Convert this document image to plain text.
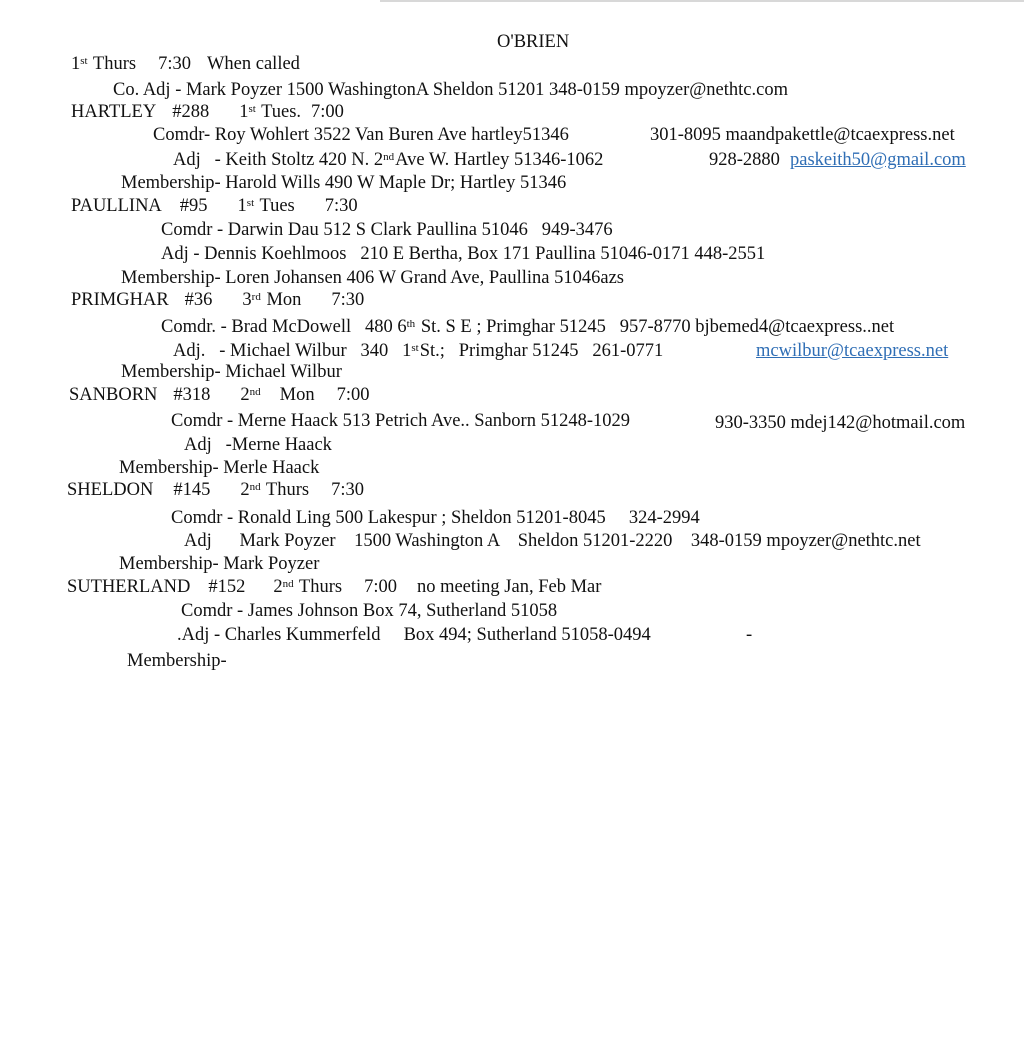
O'BRIEN
1st Thurs 7:30 When called
Co. Adj - Mark Poyzer 1500 WashingtonA Sheldon 51201 348-0159 mpoyzer@nethtc.com
HARTLEY #288 1st Tues. 7:00
Comdr- Roy Wohlert 3522 Van Buren Ave hartley51346	301-8095 maandpakettle@tcaexpress.net
Adj   - Keith Stoltz 420 N. 2ndAve W. Hartley 51346-1062	928-2880 paskeith50@gmail.com
Membership- Harold Wills 490 W Maple Dr; Hartley 51346
PAULLINA #95 1st Tues 7:30
Comdr - Darwin Dau 512 S Clark Paullina 51046   949-3476
Adj - Dennis Koehlmoos   210 E Bertha, Box 171 Paullina 51046-0171 448-2551
Membership- Loren Johansen 406 W Grand Ave, Paullina 51046azs
PRIMGHAR #36 3rd Mon 7:30
Comdr. - Brad McDowell   480 6th St. S E ; Primghar 51245   957-8770 bjbemed4@tcaexpress..net
Adj.   - Michael Wilbur   340   1stSt.;   Primghar 51245   261-0771	mcwilbur@tcaexpress.net
Membership- Michael Wilbur
SANBORN #318 2nd Mon 7:00
Comdr - Merne Haack 513 Petrich Ave.. Sanborn 51248-1029	930-3350 mdej142@hotmail.com
Adj   -Merne Haack
Membership- Merle Haack
SHELDON #145 2nd Thurs 7:30
Comdr - Ronald Ling 500 Lakespur ; Sheldon 51201-8045     324-2994
Adj      Mark Poyzer    1500 Washington A    Sheldon 51201-2220    348-0159 mpoyzer@nethtc.net
Membership- Mark Poyzer
SUTHERLAND #152 2nd Thurs 7:00 no meeting Jan, Feb Mar
Comdr - James Johnson Box 74, Sutherland 51058
.Adj - Charles Kummerfeld     Box 494; Sutherland 51058-0494	-
Membership-
